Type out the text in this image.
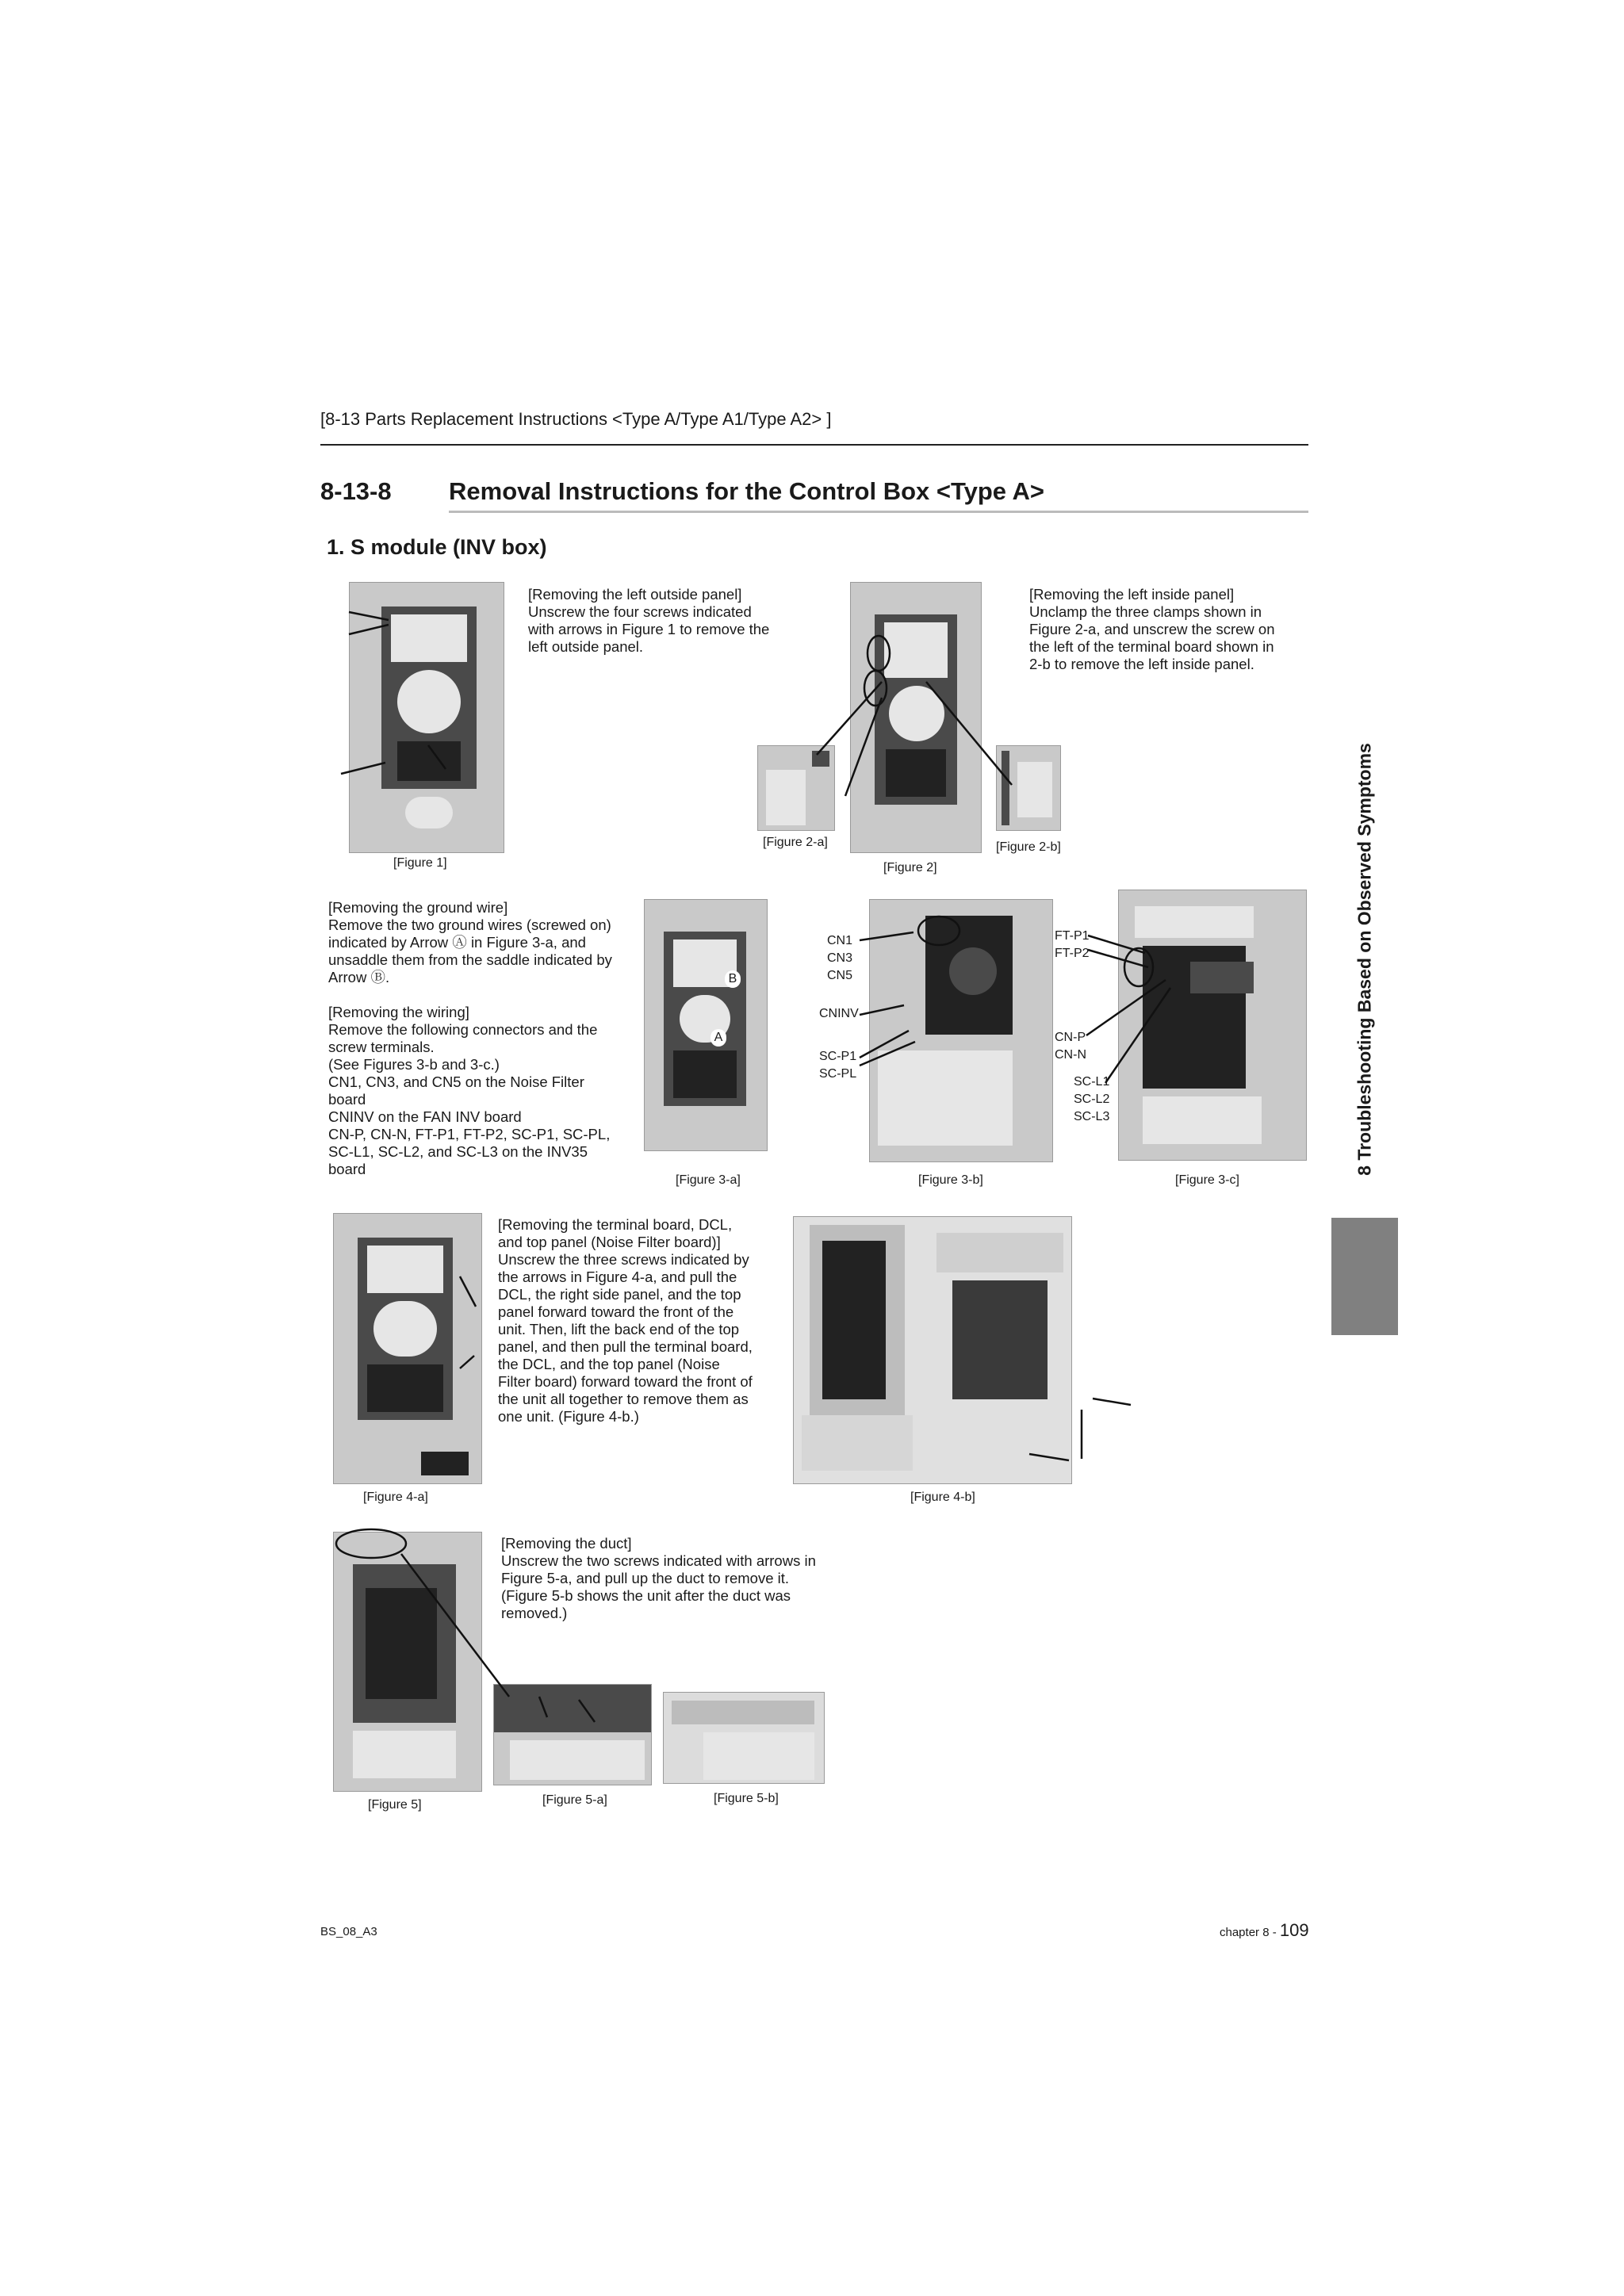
[8-13 Parts Replacement Instructions <Type A/Type A1/Type A2> ]
8-13-8	Removal Instructions for the Control Box <Type A>
1. S module (INV box)
[Figure 1]
[Removing the left outside panel]
Unscrew the four screws indicated
with arrows in Figure 1 to remove the
left outside panel.
[Figure 2-a]
[Figure 2]
[Figure 2-b]
[Removing the left inside panel]
Unclamp the three clamps shown in
Figure 2-a, and unscrew the screw on
the left of the terminal board shown in
2-b to remove the left inside panel.
[Removing the ground wire]
Remove the two ground wires (screwed on)
indicated by Arrow Ⓐ in Figure 3-a, and
unsaddle them from the saddle indicated by
Arrow Ⓑ.
[Removing the wiring]
Remove the following connectors and the
screw terminals.
(See Figures 3-b and 3-c.)
CN1, CN3, and CN5 on the Noise Filter
board
CNINV on the FAN INV board
CN-P, CN-N, FT-P1, FT-P2, SC-P1, SC-PL,
SC-L1, SC-L2, and SC-L3 on the INV35
board
[Figure 3-a]
B
A
[Figure 3-b]
CN1
CN3
CN5
CNINV
SC-P1
SC-PL
[Figure 3-c]
FT-P1
FT-P2
CN-P
CN-N
SC-L1
SC-L2
SC-L3
[Figure 4-a]
[Removing the terminal board, DCL,
and top panel (Noise Filter board)]
Unscrew the three screws indicated by
the arrows in Figure 4-a, and pull the
DCL, the right side panel, and the top
panel forward toward the front of the
unit. Then, lift the back end of the top
panel, and then pull the terminal board,
the DCL, and the top panel (Noise
Filter board) forward toward the front of
the unit all together to remove them as
one unit. (Figure 4-b.)
[Figure 4-b]
[Figure 5]
[Removing the duct]
Unscrew the two screws indicated with arrows in
Figure 5-a, and pull up the duct to remove it.
(Figure 5-b shows the unit after the duct was
removed.)
[Figure 5-a]	[Figure 5-b]
8 Troubleshooting Based on Observed Symptoms
BS_08_A3	chapter 8 - 109
